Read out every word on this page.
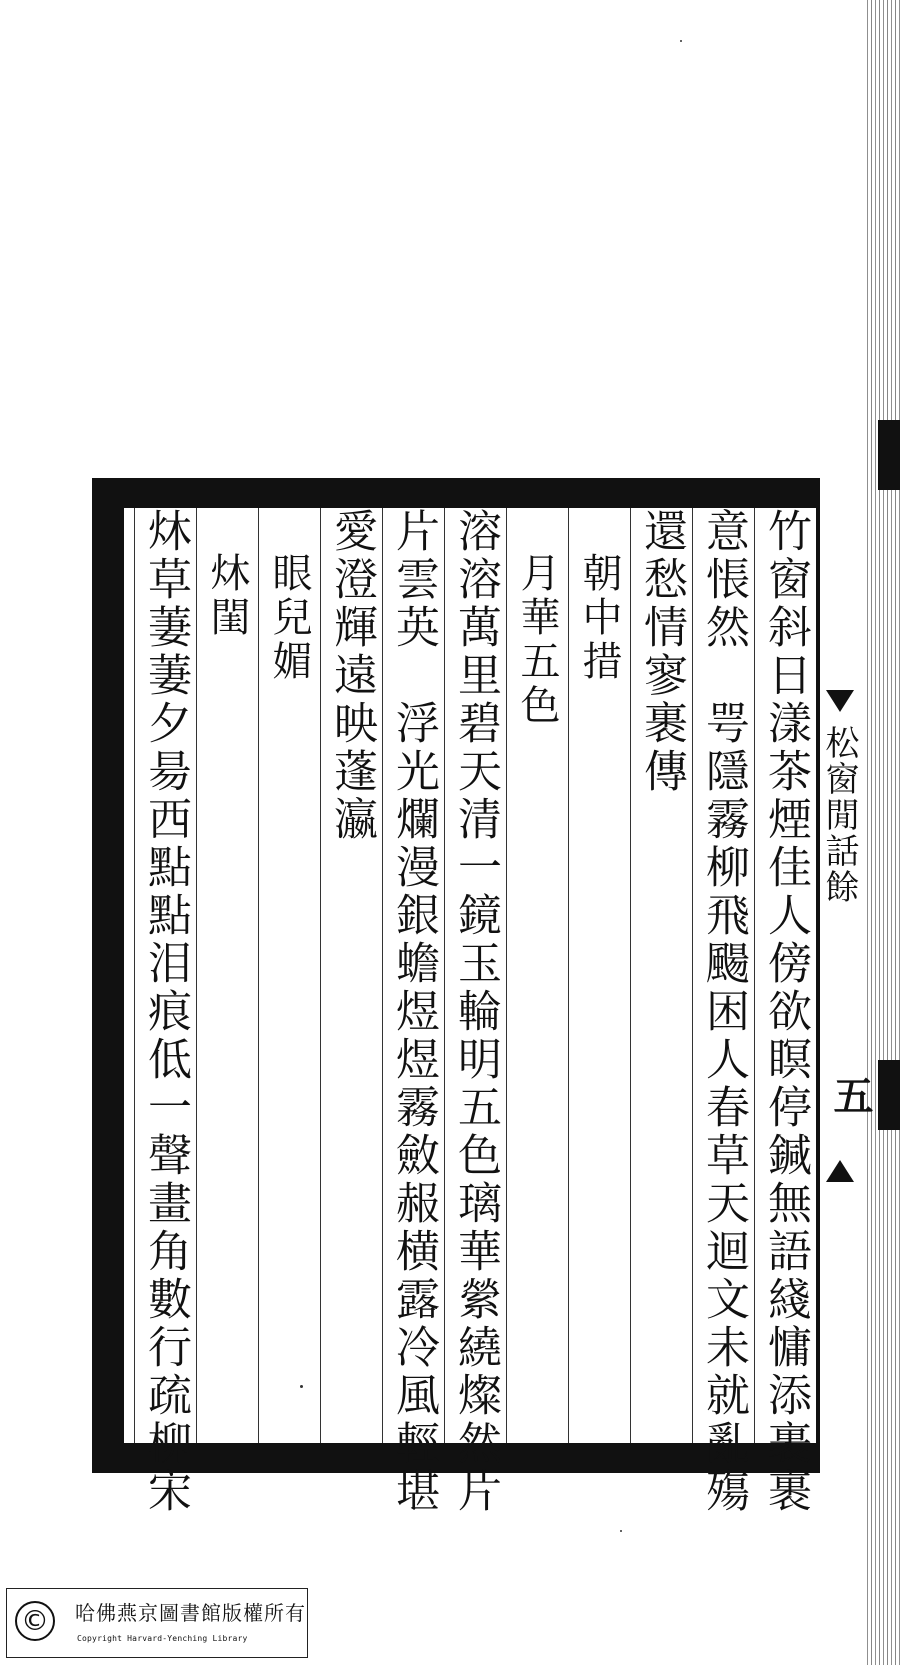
松窗閒話餘
五
竹窗斜日漾茶煙佳人傍欲瞑停鍼無語綫慵添裹裹
意悵然　咢隱霧柳飛颺困人春草天迴文未就亂殤
還愁情寥裹傳
　朝中措
　月華五色
溶溶萬里碧天清一鏡玉輪明五色璃華縈繞燦然片
片雲英　浮光爛漫銀蟾煜煜霧斂赧横露冷風輕堪
愛澄輝遠映蓬瀛
　眼兒媚
　炑閨
炑草萋萋夕昜西點點泪痕低一聲畫角數行疏柳宋
©	哈佛燕京圖書館版權所有
Copyright Harvard-Yenching Library
